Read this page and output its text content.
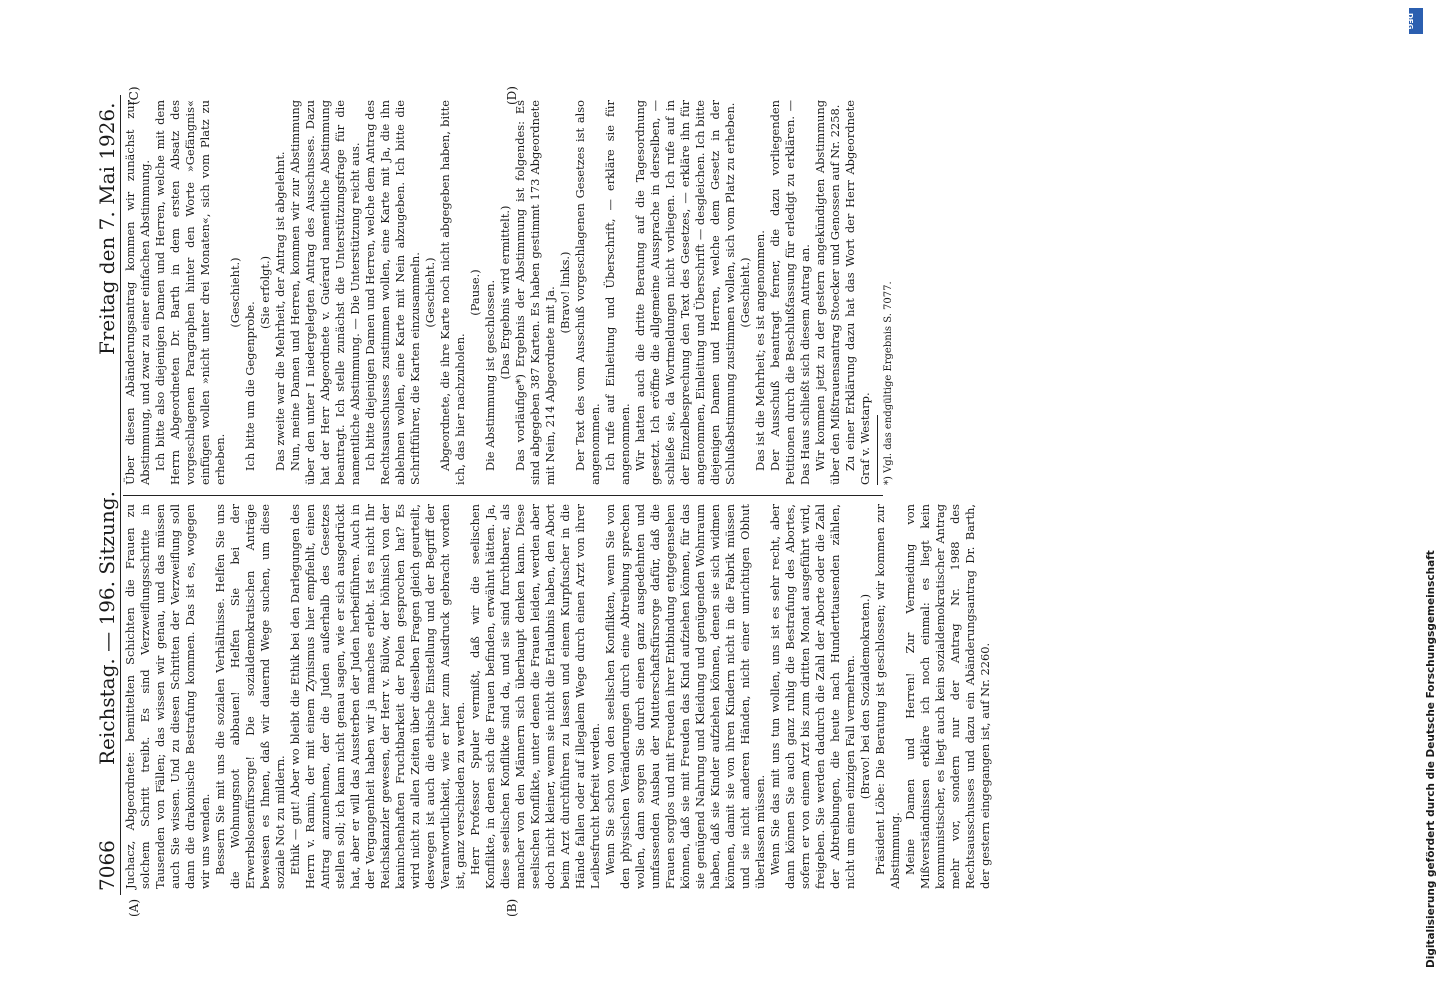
7066
Reichstag. — 196. Sitzung.
Freitag den 7. Mai 1926.
(A)	(B)
(C)	(D)

Juchacz, Abgeordnete: bemittelten Schichten die Frauen zu solchem Schritt treibt. Es sind Verzweiflungsschritte in Tausenden von Fällen; das wissen wir genau, und das müssen auch Sie wissen. Und zu diesen Schritten der Verzweiflung soll dann die drakonische Bestrafung kommen. Das ist es, wogegen wir uns wenden. Bessern Sie mit uns die sozialen Verhältnisse. Helfen Sie uns die Wohnungsnot abbauen! Helfen Sie bei der Erwerbslosenfürsorge! Die sozialdemokratischen Anträge beweisen es Ihnen, daß wir dauernd Wege suchen, um diese soziale Not zu mildern. Ethik — gut! Aber wo bleibt die Ethik bei den Darlegungen des Herrn v. Ramin, der mit einem Zynismus hier empfiehlt, einen Antrag anzunehmen, der die Juden außerhalb des Gesetzes stellen soll; ich kann nicht genau sagen, wie er sich ausgedrückt hat, aber er will das Aussterben der Juden herbeiführen. Auch in der Vergangenheit haben wir ja manches erlebt. Ist es nicht Ihr Reichskanzler gewesen, der Herr v. Bülow, der höhnisch von der kaninchenhaften Fruchtbarkeit der Polen gesprochen hat? Es wird nicht zu allen Zeiten über dieselben Fragen gleich geurteilt, deswegen ist auch die ethische Einstellung und der Begriff der Verantwortlichkeit, wie er hier zum Ausdruck gebracht worden ist, ganz verschieden zu werten. Herr Professor Spuler vermißt, daß wir die seelischen Konflikte, in denen sich die Frauen befinden, erwähnt hätten. Ja, diese seelischen Konflikte sind da, und sie sind furchtbarer, als mancher von den Männern sich überhaupt denken kann. Diese seelischen Konflikte, unter denen die Frauen leiden, werden aber doch nicht kleiner, wenn sie nicht die Erlaubnis haben, den Abort beim Arzt durchführen zu lassen und einem Kurpfuscher in die Hände fallen oder auf illegalem Wege durch einen Arzt von ihrer Leibesfrucht befreit werden. Wenn Sie schon von den seelischen Konflikten, wenn Sie von den physischen Veränderungen durch eine Abtreibung sprechen wollen, dann sorgen Sie durch einen ganz ausgedehnten und umfassenden Ausbau der Mutterschaftsfürsorge dafür, daß die Frauen sorglos und mit Freuden ihrer Entbindung entgegensehen können, daß sie mit Freuden das Kind aufziehen können, für das sie genügend Nahrung und Kleidung und genügenden Wohnraum haben, daß sie Kinder aufziehen können, denen sie sich widmen können, damit sie von ihren Kindern nicht in die Fabrik müssen und sie nicht anderen Händen, nicht einer unrichtigen Obhut überlassen müssen. Wenn Sie das mit uns tun wollen, uns ist es sehr recht, aber dann können Sie auch ganz ruhig die Bestrafung des Abortes, sofern er von einem Arzt bis zum dritten Monat ausgeführt wird, freigeben. Sie werden dadurch die Zahl der Aborte oder die Zahl der Abtreibungen, die heute nach Hunderttausenden zählen, nicht um einen einzigen Fall vermehren. (Bravo! bei den Sozialdemokraten.) Präsident Löbe: Die Beratung ist geschlossen; wir kommen zur Abstimmung. Meine Damen und Herren! Zur Vermeidung von Mißverständnissen erkläre ich noch einmal: es liegt kein kommunistischer, es liegt auch kein sozialdemokratischer Antrag mehr vor, sondern nur der Antrag Nr. 1988 des Rechtsausschusses und dazu ein Abänderungsantrag Dr. Barth, der gestern eingegangen ist, auf Nr. 2260.

Über diesen Abänderungsantrag kommen wir zunächst zur Abstimmung, und zwar zu einer einfachen Abstimmung. Ich bitte also diejenigen Damen und Herren, welche mit dem Herrn Abgeordneten Dr. Barth in dem ersten Absatz des vorgeschlagenen Paragraphen hinter den Worte »Gefängnis« einfügen wollen »nicht unter drei Monaten«, sich vom Platz zu erheben.

(Geschieht.)

Ich bitte um die Gegenprobe.

(Sie erfolgt.) Das zweite war die Mehrheit, der Antrag ist abgelehnt. Nun, meine Damen und Herren, kommen wir zur Abstimmung über den unter I niedergelegten Antrag des Ausschusses. Dazu hat der Herr Abgeordnete v. Guérard namentliche Abstimmung beantragt. Ich stelle zunächst die Unterstützungsfrage für die namentliche Abstimmung. — Die Unterstützung reicht aus. Ich bitte diejenigen Damen und Herren, welche dem Antrag des Rechtsausschusses zustimmen wollen, eine Karte mit Ja, die ihn ablehnen wollen, eine Karte mit Nein abzugeben. Ich bitte die Schriftführer, die Karten einzusammeln. (Geschieht.) Abgeordnete, die ihre Karte noch nicht abgegeben haben, bitte ich, das hier nachzuholen.

(Pause.) Die Abstimmung ist geschlossen. (Das Ergebnis wird ermittelt.) Das vorläufige*) Ergebnis der Abstimmung ist folgendes: Es sind abgegeben 387 Karten. Es haben gestimmt 173 Abgeordnete mit Nein, 214 Abgeordnete mit Ja. (Bravo! links.) Der Text des vom Ausschuß vorgeschlagenen Gesetzes ist also angenommen. Ich rufe auf Einleitung und Überschrift, — erkläre sie für angenommen. Wir hatten auch die dritte Beratung auf die Tagesordnung gesetzt. Ich eröffne die allgemeine Aussprache in derselben, — schließe sie, da Wortmeldungen nicht vorliegen. Ich rufe auf in der Einzelbesprechung den Text des Gesetzes, — erkläre ihn für angenommen, Einleitung und Überschrift — desgleichen. Ich bitte diejenigen Damen und Herren, welche dem Gesetz in der Schlußabstimmung zustimmen wollen, sich vom Platz zu erheben. (Geschieht.) Das ist die Mehrheit; es ist angenommen. Der Ausschuß beantragt ferner, die dazu vorliegenden Petitionen durch die Beschlußfassung für erledigt zu erklären. — Das Haus schließt sich diesem Antrag an. Wir kommen jetzt zu der gestern angekündigten Abstimmung über den Mißtrauensantrag Stoecker und Genossen auf Nr. 2258. Zu einer Erklärung dazu hat das Wort der Herr Abgeordnete Graf v. Westarp. *) Vgl. das endgültige Ergebnis S. 7077.

DFG
Digitalisierung gefördert durch die Deutsche Forschungsgemeinschaft
